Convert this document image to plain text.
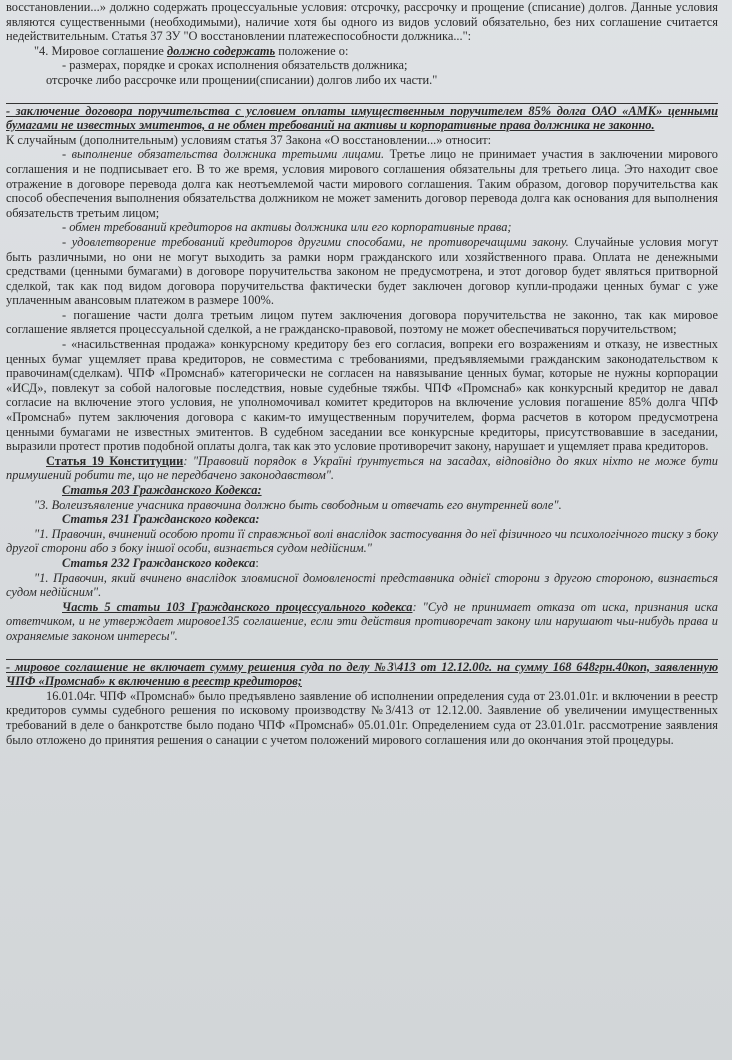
восстановлении...» должно содержать процессуальные условия: отсрочку, рассрочку и прощение (списание) долгов. Данные условия являются существенными (необходимыми), наличие хотя бы одного из видов условий обязательно, без них соглашение считается недействительным. Статья 37 ЗУ "О восстановлении платежеспособности должника...":

"4. Мировое соглашение должно содержать положение о:

- размерах, порядке и сроках исполнения обязательств должника;

отсрочке либо рассрочке или прощении(списании) долгов либо их части."

- заключение договора поручительства с условием оплаты имущественным поручителем 85% долга ОАО «АМК» ценными бумагами не известных эмитентов, а не обмен требований на активы и корпоративные права должника не законно.

К случайным (дополнительным) условиям статья 37 Закона «О восстановлении...» относит:

- выполнение обязательства должника третьими лицами. Третье лицо не принимает участия в заключении мирового соглашения и не подписывает его. В то же время, условия мирового соглашения обязательны для третьего лица. Это находит свое отражение в договоре перевода долга как неотъемлемой части мирового соглашения. Таким образом, договор поручительства как способ обеспечения выполнения обязательства должником не может заменить договор перевода долга как основания для выполнения обязательств третьим лицом;

- обмен требований кредиторов на активы должника или его корпоративные права;

- удовлетворение требований кредиторов другими способами, не противоречащими закону. Случайные условия могут быть различными, но они не могут выходить за рамки норм гражданского или хозяйственного права. Оплата не денежными средствами (ценными бумагами) в договоре поручительства законом не предусмотрена, и этот договор будет являться притворной сделкой, так как под видом договора поручительства фактически будет заключен договор купли-продажи ценных бумаг с уже уплаченным авансовым платежом в размере 100%.

- погашение части долга третьим лицом путем заключения договора поручительства не законно, так как мировое соглашение является процессуальной сделкой, а не гражданско-правовой, поэтому не может обеспечиваться поручительством;

- «насильственная продажа» конкурсному кредитору без его согласия, вопреки его возражениям и отказу, не известных ценных бумаг ущемляет права кредиторов, не совместима с требованиями, предъявляемыми гражданским законодательством к правочинам(сделкам). ЧПФ «Промснаб» категорически не согласен на навязывание ценных бумаг, которые не нужны корпорации «ИСД», повлекут за собой налоговые последствия, новые судебные тяжбы. ЧПФ «Промснаб» как конкурсный кредитор не давал согласие на включение этого условия, не уполномочивал комитет кредиторов на включение условия погашение 85% долга ЧПФ «Промснаб» путем заключения договора с каким-то имущественным поручителем, форма расчетов в котором предусмотрена ценными бумагами не известных эмитентов. В судебном заседании все конкурсные кредиторы, присутствовавшие в заседании, выразили протест против подобной оплаты долга, так как это условие противоречит закону, нарушает и ущемляет права кредиторов.

Статья 19 Конституции: "Правовий порядок в Україні ґрунтується на засадах, відповідно до яких ніхто не може бути примушений робити те, що не передбачено законодавством".

Статья 203 Гражданского Кодекса:

"3. Волеизъявление учасника правочина должно быть свободным и отвечать его внутренней воле".

Статья 231 Гражданского кодекса:

"1. Правочин, вчинений особою проти її справжньої волі внаслідок застосування до неї фізичного чи психологічного тиску з боку другої сторони або з боку іншої особи, визнається судом недійсним."

Статья 232 Гражданского кодекса:

"1. Правочин, який вчинено внаслідок зловмисної домовленості представника однієї сторони з другою стороною, визнається судом недійсним".

Часть 5 статьи 103 Гражданского процессуального кодекса: "Суд не принимает отказа от иска, признания иска ответчиком, и не утверждает мировое135 соглашение, если эти действия противоречат закону или нарушают чьи-нибудь права и охраняемые законом интересы".

- мировое соглашение не включает сумму решения суда по делу №3\413 от 12.12.00г. на сумму 168 648грн.40коп, заявленную ЧПФ «Промснаб» к включению в реестр кредиторов;

16.01.04г. ЧПФ «Промснаб» было предъявлено заявление об исполнении определения суда от 23.01.01г. и включении в реестр кредиторов суммы судебного решения по исковому производству №3/413 от 12.12.00. Заявление об увеличении имущественных требований в деле о банкротстве было подано ЧПФ «Промснаб» 05.01.01г. Определением суда от 23.01.01г. рассмотрение заявления было отложено до принятия решения о санации с учетом положений мирового соглашения или до окончания этой процедуры.
